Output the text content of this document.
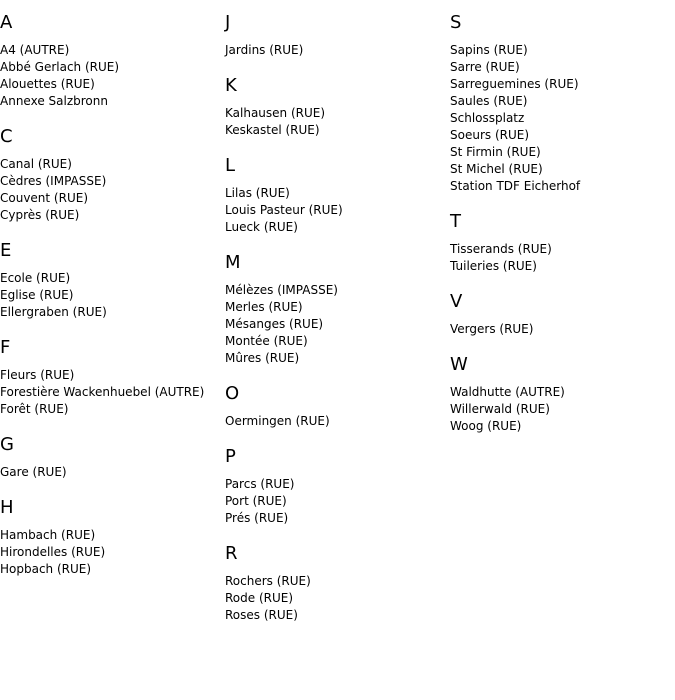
A
A4 (AUTRE)
Abbé Gerlach (RUE)
Alouettes (RUE)
Annexe Salzbronn
C
Canal (RUE)
Cèdres (IMPASSE)
Couvent (RUE)
Cyprès (RUE)
E
Ecole (RUE)
Eglise (RUE)
Ellergraben (RUE)
F
Fleurs (RUE)
Forestière Wackenhuebel (AUTRE)
Forêt (RUE)
G
Gare (RUE)
H
Hambach (RUE)
Hirondelles (RUE)
Hopbach (RUE)
J
Jardins (RUE)
K
Kalhausen (RUE)
Keskastel (RUE)
L
Lilas (RUE)
Louis Pasteur (RUE)
Lueck (RUE)
M
Mélèzes (IMPASSE)
Merles (RUE)
Mésanges (RUE)
Montée (RUE)
Mûres (RUE)
O
Oermingen (RUE)
P
Parcs (RUE)
Port (RUE)
Prés (RUE)
R
Rochers (RUE)
Rode (RUE)
Roses (RUE)
S
Sapins (RUE)
Sarre (RUE)
Sarreguemines (RUE)
Saules (RUE)
Schlossplatz
Soeurs (RUE)
St Firmin (RUE)
St Michel (RUE)
Station TDF Eicherhof
T
Tisserands (RUE)
Tuileries (RUE)
V
Vergers (RUE)
W
Waldhutte (AUTRE)
Willerwald (RUE)
Woog (RUE)
